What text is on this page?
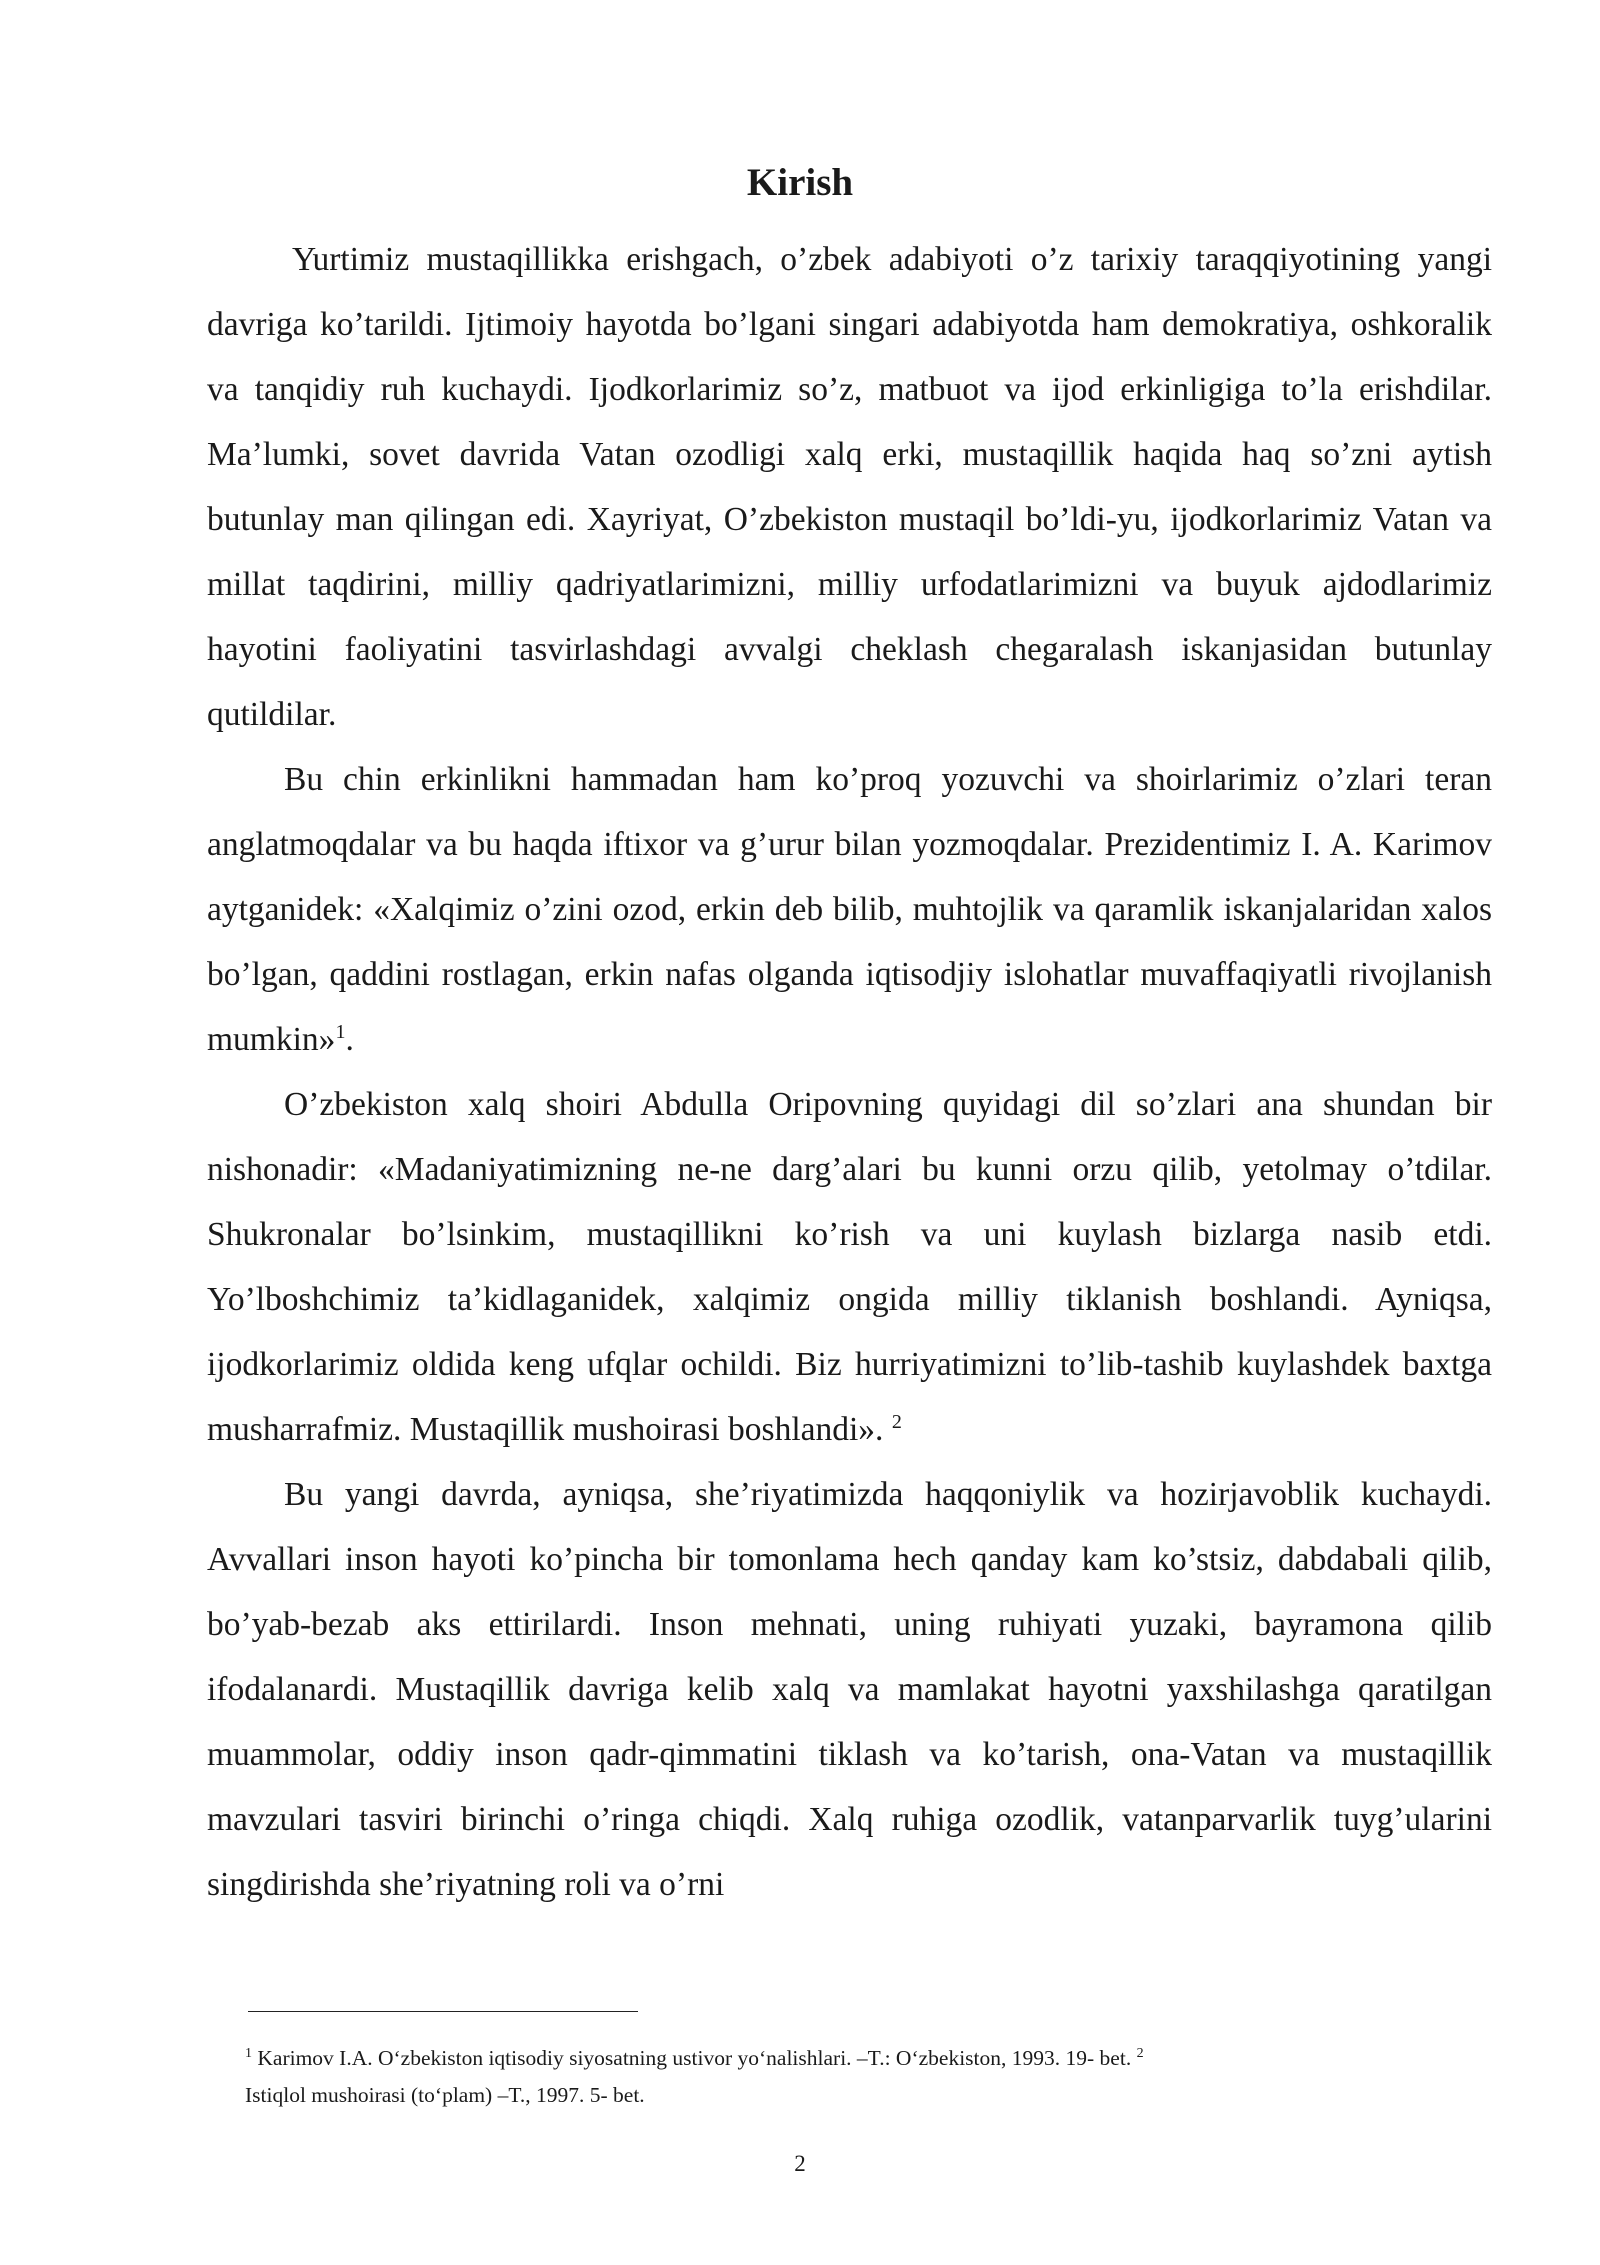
Kirish

Yurtimiz mustaqillikka erishgach, o’zbek adabiyoti o’z tarixiy taraqqiyotining yangi davriga ko’tarildi. Ijtimoiy hayotda bo’lgani singari adabiyotda ham demokratiya, oshkoralik va tanqidiy ruh kuchaydi. Ijodkorlarimiz so’z, matbuot va ijod erkinligiga to’la erishdilar. Ma’lumki, sovet davrida Vatan ozodligi xalq erki, mustaqillik haqida haq so’zni aytish butunlay man qilingan edi. Xayriyat, O’zbekiston mustaqil bo’ldi-yu, ijodkorlarimiz Vatan va millat taqdirini, milliy qadriyatlarimizni, milliy urfodatlarimizni va buyuk ajdodlarimiz hayotini faoliyatini tasvirlashdagi avvalgi cheklash chegaralash iskanjasidan butunlay qutildilar.

Bu chin erkinlikni hammadan ham ko’proq yozuvchi va shoirlarimiz o’zlari teran anglatmoqdalar va bu haqda iftixor va g’urur bilan yozmoqdalar. Prezidentimiz I. A. Karimov aytganidek: «Xalqimiz o’zini ozod, erkin deb bilib, muhtojlik va qaramlik iskanjalaridan xalos bo’lgan, qaddini rostlagan, erkin nafas olganda iqtisodjiy islohatlar muvaffaqiyatli rivojlanish mumkin»$^1$.

O’zbekiston xalq shoiri Abdulla Oripovning quyidagi dil so’zlari ana shundan bir nishonadir: «Madaniyatimizning ne-ne darg’alari bu kunni orzu qilib, yetolmay o’tdilar. Shukronalar bo’lsinkim, mustaqillikni ko’rish va uni kuylash bizlarga nasib etdi. Yo’lboshchimiz ta’kidlaganidek, xalqimiz ongida milliy tiklanish boshlandi. Ayniqsa, ijodkorlarimiz oldida keng ufqlar ochildi. Biz hurriyatimizni to’lib-tashib kuylashdek baxtga musharrafmiz. Mustaqillik mushoirasi boshlandi». $^2$

Bu yangi davrda, ayniqsa, she’riyatimizda haqqoniylik va hozirjavoblik kuchaydi. Avvallari inson hayoti ko’pincha bir tomonlama hech qanday kam ko’stsiz, dabdabali qilib, bo’yab-bezab aks ettirilardi. Inson mehnati, uning ruhiyati yuzaki, bayramona qilib ifodalanardi. Mustaqillik davriga kelib xalq va mamlakat hayotni yaxshilashga qaratilgan muammolar, oddiy inson qadr-qimmatini tiklash va ko’tarish, ona-Vatan va mustaqillik mavzulari tasviri birinchi o’ringa chiqdi. Xalq ruhiga ozodlik, vatanparvarlik tuyg’ularini singdirishda she’riyatning roli va o’rni

$^1$ Karimov I.A. O‘zbekiston iqtisodiy siyosatning ustivor yo‘nalishlari. –T.: O‘zbekiston, 1993. 19- bet. $^2$
Istiqlol mushoirasi (to‘plam) –T., 1997. 5- bet.
2
